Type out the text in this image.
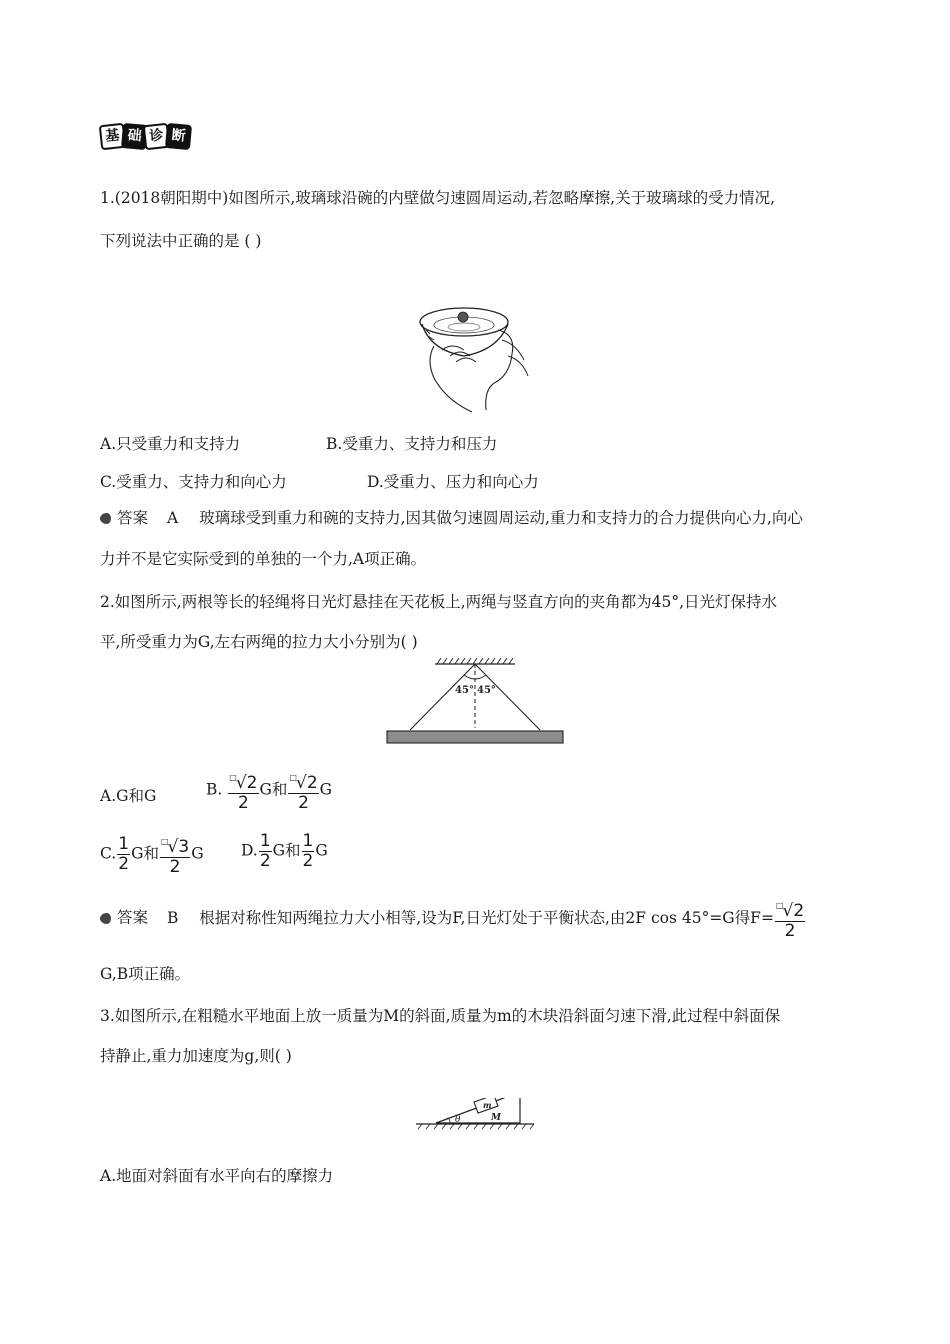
基 础 诊 断
1.(2018朝阳期中)如图所示,玻璃球沿碗的内壁做匀速圆周运动,若忽略摩擦,关于玻璃球的受力情况,
下列说法中正确的是 ( )
A.只受重力和支持力	B.受重力、支持力和压力
C.受重力、支持力和向心力	D.受重力、压力和向心力
答案 A 玻璃球受到重力和碗的支持力,因其做匀速圆周运动,重力和支持力的合力提供向心力,向心
力并不是它实际受到的单独的一个力,A项正确。
2.如图所示,两根等长的轻绳将日光灯悬挂在天花板上,两绳与竖直方向的夹角都为45°,日光灯保持水
平,所受重力为G,左右两绳的拉力大小分别为( )
45° 45°
A.G和G	B. $\frac{^□√2}{2}$ G和 $\frac{^□√2}{2}$ G
C. $\frac{1}{2}$ G和 $\frac{^□√3}{2}$ G D. $\frac{1}{2}$ G和 $\frac{1}{2}$ G
答案 B 根据对称性知两绳拉力大小相等,设为F,日光灯处于平衡状态,由2F cos 45°=G得$F= \frac{^□√2}{2}$
G,B项正确。
3.如图所示,在粗糙水平地面上放一质量为M的斜面,质量为m的木块沿斜面匀速下滑,此过程中斜面保
持静止,重力加速度为g,则( )
θ
m
M
A.地面对斜面有水平向右的摩擦力
